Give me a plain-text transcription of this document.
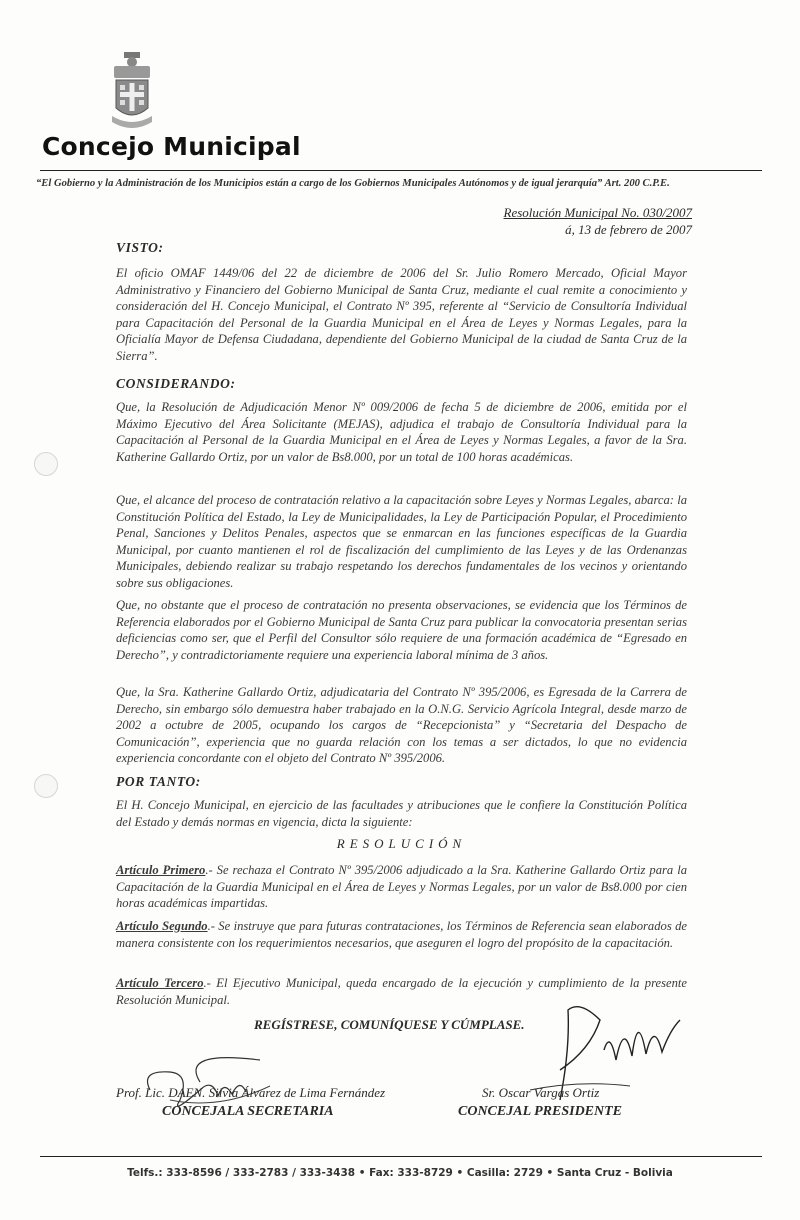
Concejo Municipal
“El Gobierno y la Administración de los Municipios están a cargo de los Gobiernos Municipales Autónomos y de igual jerarquía” Art. 200 C.P.E.
Resolución Municipal No. 030/2007
á, 13 de febrero de 2007
VISTO:
El oficio OMAF 1449/06 del 22 de diciembre de 2006 del Sr. Julio Romero Mercado, Oficial Mayor Administrativo y Financiero del Gobierno Municipal de Santa Cruz, mediante el cual remite a conocimiento y consideración del H. Concejo Municipal, el Contrato Nº 395, referente al “Servicio de Consultoría Individual para Capacitación del Personal de la Guardia Municipal en el Área de Leyes y Normas Legales, para la Oficialía Mayor de Defensa Ciudadana, dependiente del Gobierno Municipal de la ciudad de Santa Cruz de la Sierra”.
CONSIDERANDO:
Que, la Resolución de Adjudicación Menor Nº 009/2006 de fecha 5 de diciembre de 2006, emitida por el Máximo Ejecutivo del Área Solicitante (MEJAS), adjudica el trabajo de Consultoría Individual para la Capacitación al Personal de la Guardia Municipal en el Área de Leyes y Normas Legales, a favor de la Sra. Katherine Gallardo Ortiz, por un valor de Bs8.000, por un total de 100 horas académicas.
Que, el alcance del proceso de contratación relativo a la capacitación sobre Leyes y Normas Legales, abarca: la Constitución Política del Estado, la Ley de Municipalidades, la Ley de Participación Popular, el Procedimiento Penal, Sanciones y Delitos Penales, aspectos que se enmarcan en las funciones específicas de la Guardia Municipal, por cuanto mantienen el rol de fiscalización del cumplimiento de las Leyes y de las Ordenanzas Municipales, debiendo realizar su trabajo respetando los derechos fundamentales de los vecinos y orientando sobre sus obligaciones.
Que, no obstante que el proceso de contratación no presenta observaciones, se evidencia que los Términos de Referencia elaborados por el Gobierno Municipal de Santa Cruz para publicar la convocatoria presentan serias deficiencias como ser, que el Perfil del Consultor sólo requiere de una formación académica de “Egresado en Derecho”, y contradictoriamente requiere una experiencia laboral mínima de 3 años.
Que, la Sra. Katherine Gallardo Ortiz, adjudicataria del Contrato Nº 395/2006, es Egresada de la Carrera de Derecho, sin embargo sólo demuestra haber trabajado en la O.N.G. Servicio Agrícola Integral, desde marzo de 2002 a octubre de 2005, ocupando los cargos de “Recepcionista” y “Secretaria del Despacho de Comunicación”, experiencia que no guarda relación con los temas a ser dictados, lo que no evidencia experiencia concordante con el objeto del Contrato Nº 395/2006.
POR TANTO:
El H. Concejo Municipal, en ejercicio de las facultades y atribuciones que le confiere la Constitución Política del Estado y demás normas en vigencia, dicta la siguiente:
RESOLUCIÓN
Artículo Primero.- Se rechaza el Contrato Nº 395/2006 adjudicado a la Sra. Katherine Gallardo Ortiz para la Capacitación de la Guardia Municipal en el Área de Leyes y Normas Legales, por un valor de Bs8.000 por cien horas académicas impartidas.
Artículo Segundo.- Se instruye que para futuras contrataciones, los Términos de Referencia sean elaborados de manera consistente con los requerimientos necesarios, que aseguren el logro del propósito de la capacitación.
Artículo Tercero.- El Ejecutivo Municipal, queda encargado de la ejecución y cumplimiento de la presente Resolución Municipal.
REGÍSTRESE, COMUNÍQUESE Y CÚMPLASE.
Prof. Lic. DAEN. Silvia Álvarez de Lima Fernández
CONCEJALA SECRETARIA
Sr. Oscar Vargas Ortiz
CONCEJAL PRESIDENTE
Telfs.: 333-8596 / 333-2783 / 333-3438 • Fax: 333-8729 • Casilla: 2729 • Santa Cruz - Bolivia
